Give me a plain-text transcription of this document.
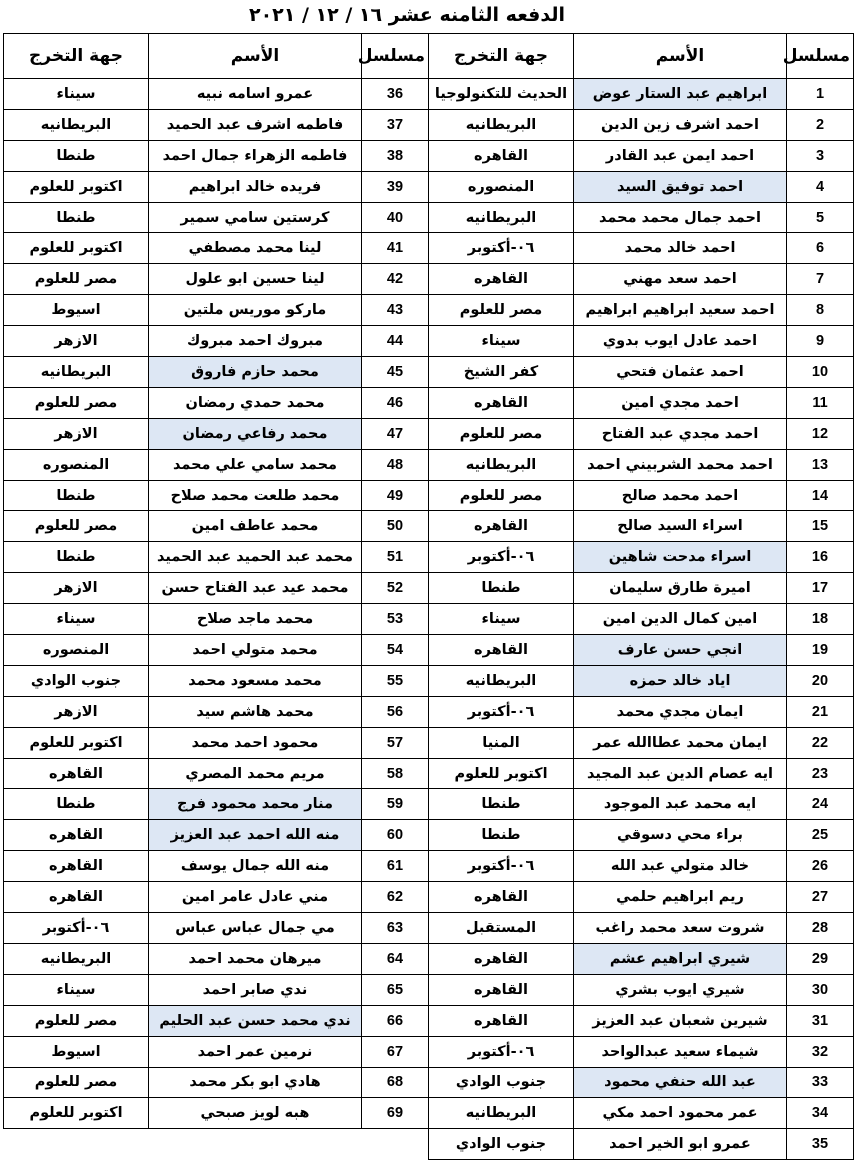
الدفعه الثامنه عشر ١٦ / ١٢ / ٢٠٢١
مسلسل	الأسم	جهة التخرج	مسلسل	الأسم	جهة التخرج
1	ابراهيم عبد الستار عوض	الحديث للتكنولوجيا	36	عمرو اسامه نبيه	سيناء
2	احمد اشرف زين الدين	البريطانيه	37	فاطمه اشرف عبد الحميد	البريطانيه
3	احمد ايمن عبد القادر	القاهره	38	فاطمه الزهراء جمال احمد	طنطا
4	احمد توفيق السيد	المنصوره	39	فريده خالد ابراهيم	اكتوبر للعلوم
5	احمد جمال محمد محمد	البريطانيه	40	كرستين سامي سمير	طنطا
6	احمد خالد محمد	٠٦-أكتوبر	41	لينا محمد مصطفي	اكتوبر للعلوم
7	احمد سعد مهني	القاهره	42	لينا حسين ابو علول	مصر للعلوم
8	احمد سعيد ابراهيم ابراهيم	مصر للعلوم	43	ماركو موريس ملتين	اسيوط
9	احمد عادل ايوب بدوي	سيناء	44	مبروك احمد مبروك	الازهر
10	احمد عثمان فتحي	كفر الشيخ	45	محمد حازم فاروق	البريطانيه
11	احمد مجدي امين	القاهره	46	محمد حمدي رمضان	مصر للعلوم
12	احمد مجدي عبد الفتاح	مصر للعلوم	47	محمد رفاعي رمضان	الازهر
13	احمد محمد الشربيني احمد	البريطانيه	48	محمد سامي علي محمد	المنصوره
14	احمد محمد صالح	مصر للعلوم	49	محمد طلعت محمد صلاح	طنطا
15	اسراء السيد صالح	القاهره	50	محمد عاطف امين	مصر للعلوم
16	اسراء مدحت شاهين	٠٦-أكتوبر	51	محمد عبد الحميد عبد الحميد	طنطا
17	اميرة طارق سليمان	طنطا	52	محمد عيد عبد الفتاح حسن	الازهر
18	امين كمال الدين امين	سيناء	53	محمد ماجد صلاح	سيناء
19	انجي حسن عارف	القاهره	54	محمد متولي احمد	المنصوره
20	اياد خالد حمزه	البريطانيه	55	محمد مسعود محمد	جنوب الوادي
21	ايمان مجدي محمد	٠٦-أكتوبر	56	محمد هاشم سيد	الازهر
22	ايمان محمد عطاالله عمر	المنيا	57	محمود احمد محمد	اكتوبر للعلوم
23	ايه عصام الدين عبد المجيد	اكتوبر للعلوم	58	مريم محمد المصري	القاهره
24	ايه محمد عبد الموجود	طنطا	59	منار محمد محمود فرج	طنطا
25	براء محي دسوقي	طنطا	60	منه الله احمد عبد العزيز	القاهره
26	خالد متولي عبد الله	٠٦-أكتوبر	61	منه الله جمال يوسف	القاهره
27	ريم ابراهيم حلمي	القاهره	62	مني عادل عامر امين	القاهره
28	شروت سعد محمد راغب	المستقبل	63	مي جمال عباس عباس	٠٦-أكتوبر
29	شيري ابراهيم عشم	القاهره	64	ميرهان محمد احمد	البريطانيه
30	شيري ايوب بشري	القاهره	65	ندي صابر احمد	سيناء
31	شيرين شعبان عبد العزيز	القاهره	66	ندي محمد حسن عبد الحليم	مصر للعلوم
32	شيماء سعيد عبدالواحد	٠٦-أكتوبر	67	نرمين عمر احمد	اسيوط
33	عبد الله حنفي محمود	جنوب الوادي	68	هادي ابو بكر محمد	مصر للعلوم
34	عمر محمود احمد مكي	البريطانيه	69	هبه لويز صبحي	اكتوبر للعلوم
35	عمرو ابو الخير احمد	جنوب الوادي			
